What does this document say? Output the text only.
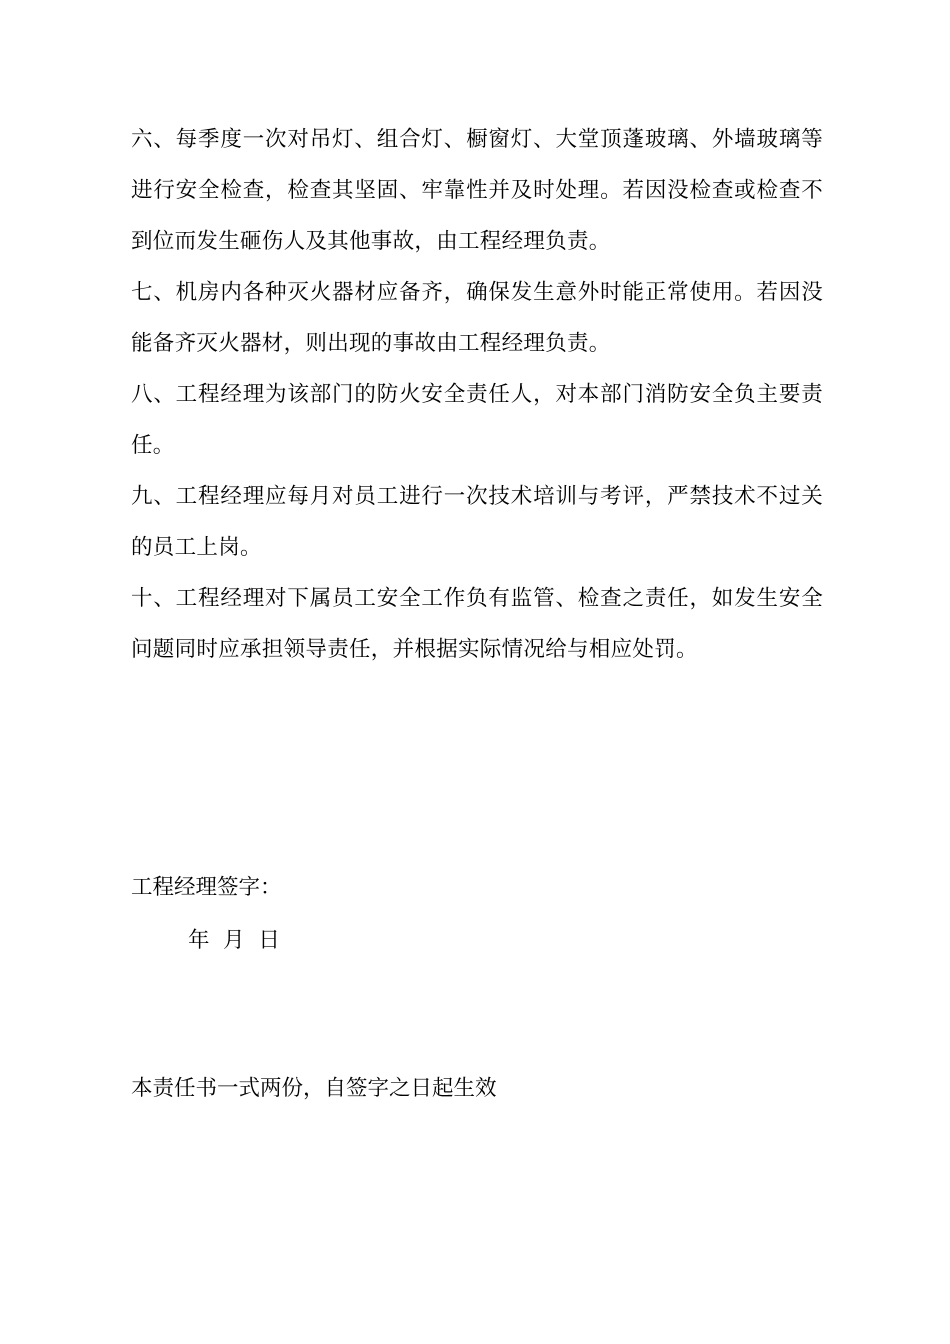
六、每季度一次对吊灯、组合灯、橱窗灯、大堂顶蓬玻璃、外墙玻璃等进行安全检查，检查其坚固、牢靠性并及时处理。若因没检查或检查不到位而发生砸伤人及其他事故，由工程经理负责。

七、机房内各种灭火器材应备齐，确保发生意外时能正常使用。若因没能备齐灭火器材，则出现的事故由工程经理负责。

八、工程经理为该部门的防火安全责任人，对本部门消防安全负主要责任。

九、工程经理应每月对员工进行一次技术培训与考评，严禁技术不过关的员工上岗。

十、工程经理对下属员工安全工作负有监管、检查之责任，如发生安全问题同时应承担领导责任，并根据实际情况给与相应处罚。

工程经理签字：

年  月  日

本责任书一式两份，自签字之日起生效
